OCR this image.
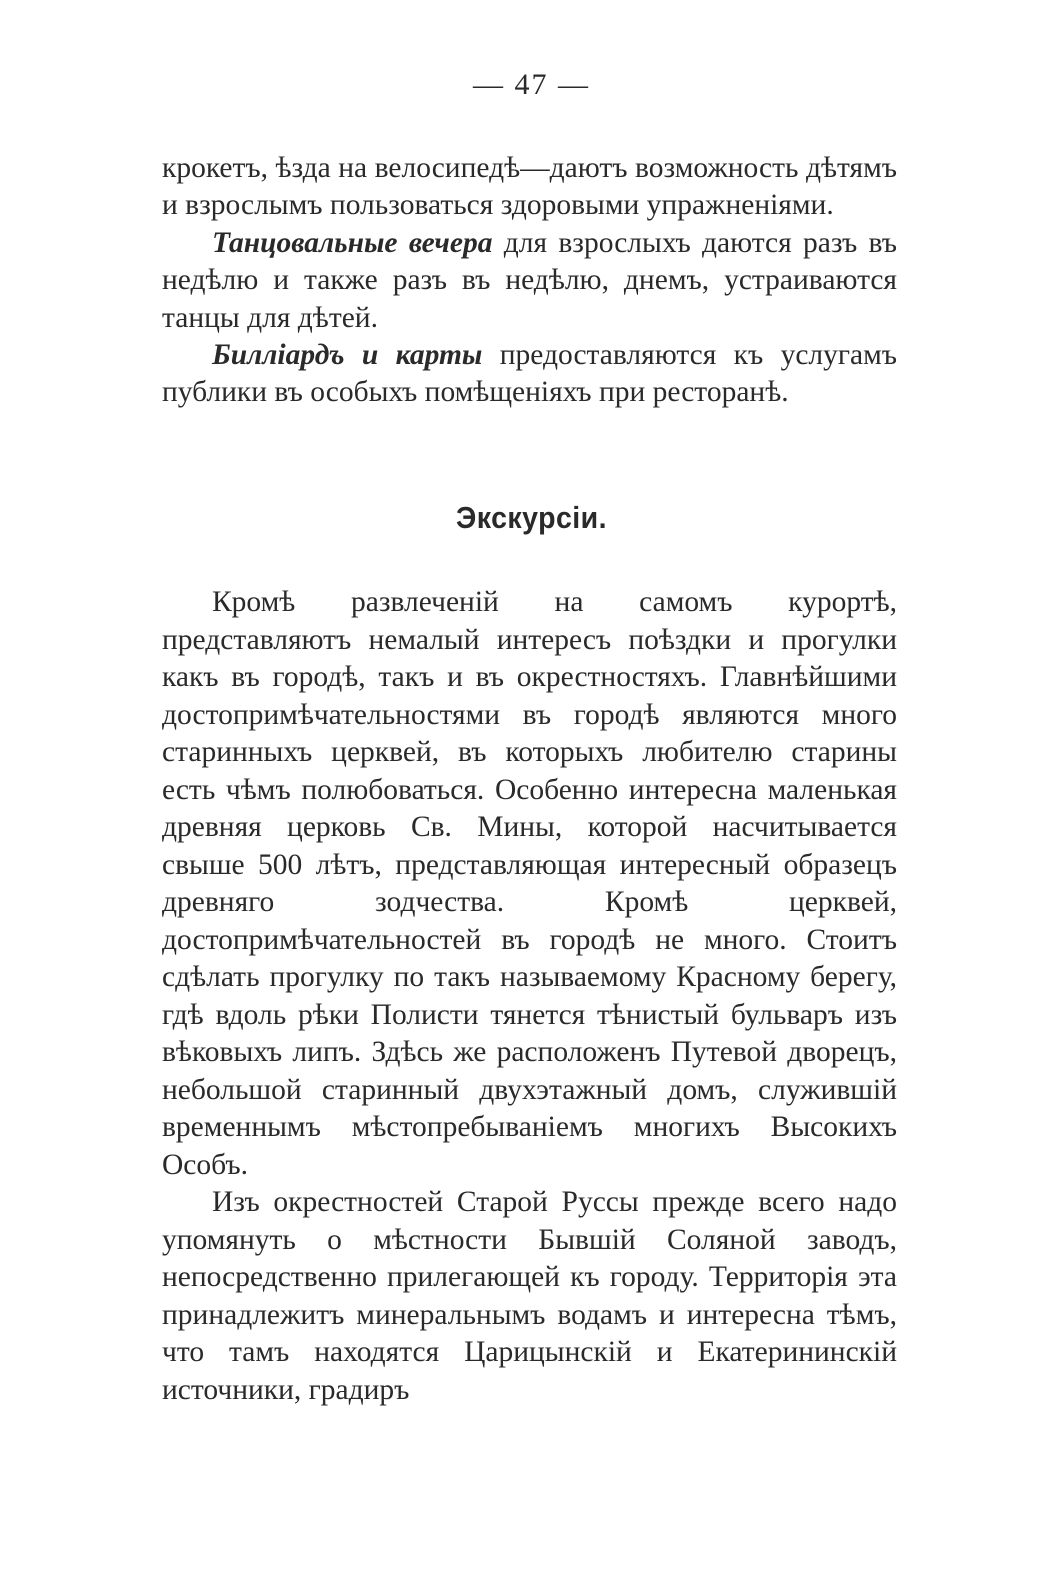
— 47 —

крокетъ, ѣзда на велосипедѣ—даютъ возможность дѣтямъ и взрослымъ пользоваться здоровыми упражненіями.

Танцовальные вечера для взрослыхъ даются разъ въ недѣлю и также разъ въ недѣлю, днемъ, устраиваются танцы для дѣтей.

Билліардъ и карты предоставляются къ услугамъ публики въ особыхъ помѣщеніяхъ при ресторанѣ.

Экскурсіи.

Кромѣ развлеченій на самомъ курортѣ, представляютъ немалый интересъ поѣздки и прогулки какъ въ городѣ, такъ и въ окрестностяхъ. Главнѣйшими достопримѣчательностями въ городѣ являются много старинныхъ церквей, въ которыхъ любителю старины есть чѣмъ полюбоваться. Особенно интересна маленькая древняя церковь Св. Мины, которой насчитывается свыше 500 лѣтъ, представляющая интересный образецъ древняго зодчества. Кромѣ церквей, достопримѣчательностей въ городѣ не много. Стоитъ сдѣлать прогулку по такъ называемому Красному берегу, гдѣ вдоль рѣки Полисти тянется тѣнистый бульваръ изъ вѣковыхъ липъ. Здѣсь же расположенъ Путевой дворецъ, небольшой старинный двухэтажный домъ, служившій временнымъ мѣстопребываніемъ многихъ Высокихъ Особъ.

Изъ окрестностей Старой Руссы прежде всего надо упомянуть о мѣстности Бывшій Соляной заводъ, непосредственно прилегающей къ городу. Территорія эта принадлежитъ минеральнымъ водамъ и интересна тѣмъ, что тамъ находятся Царицынскій и Екатерининскій источники, градиръ
